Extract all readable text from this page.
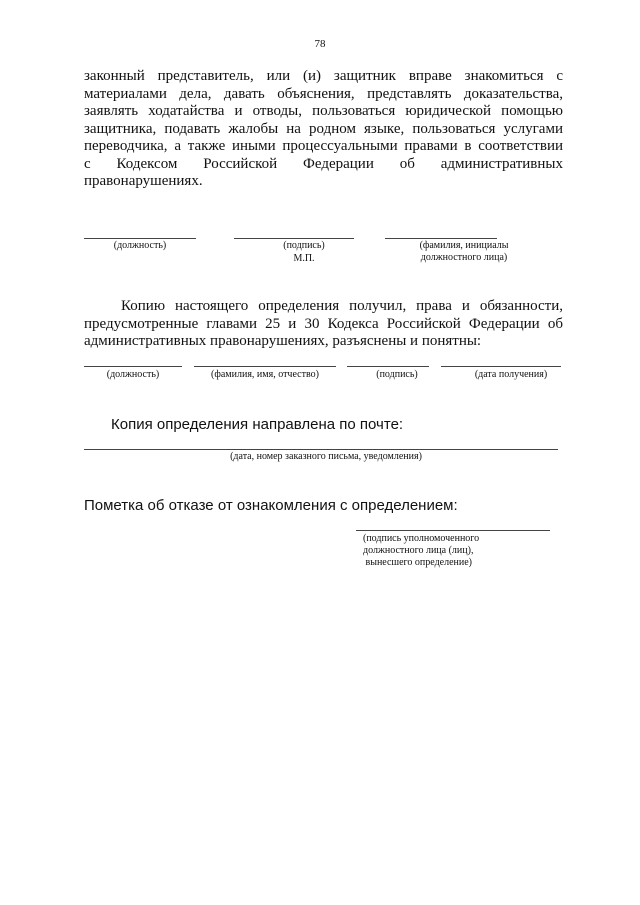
78
законный представитель, или (и) защитник вправе знакомиться с
материалами дела, давать объяснения, представлять доказательства,
заявлять ходатайства и отводы, пользоваться юридической помощью
защитника, подавать жалобы на родном языке, пользоваться услугами
переводчика, а также иными процессуальными правами в соответствии
с Кодексом Российской Федерации об административных
правонарушениях.
(должность)	(подпись)
М.П.
(фамилия, инициалы
должностного лица)
Копию настоящего определения получил, права и обязанности,
предусмотренные главами 25 и 30 Кодекса Российской Федерации об
административных правонарушениях, разъяснены и понятны:
(должность)	(фамилия, имя, отчество)	(подпись)	(дата получения)
Копия определения направлена по почте:
(дата, номер заказного письма, уведомления)
Пометка об отказе от ознакомления с определением:
(подпись уполномоченного
должностного лица (лиц),
вынесшего определение)
